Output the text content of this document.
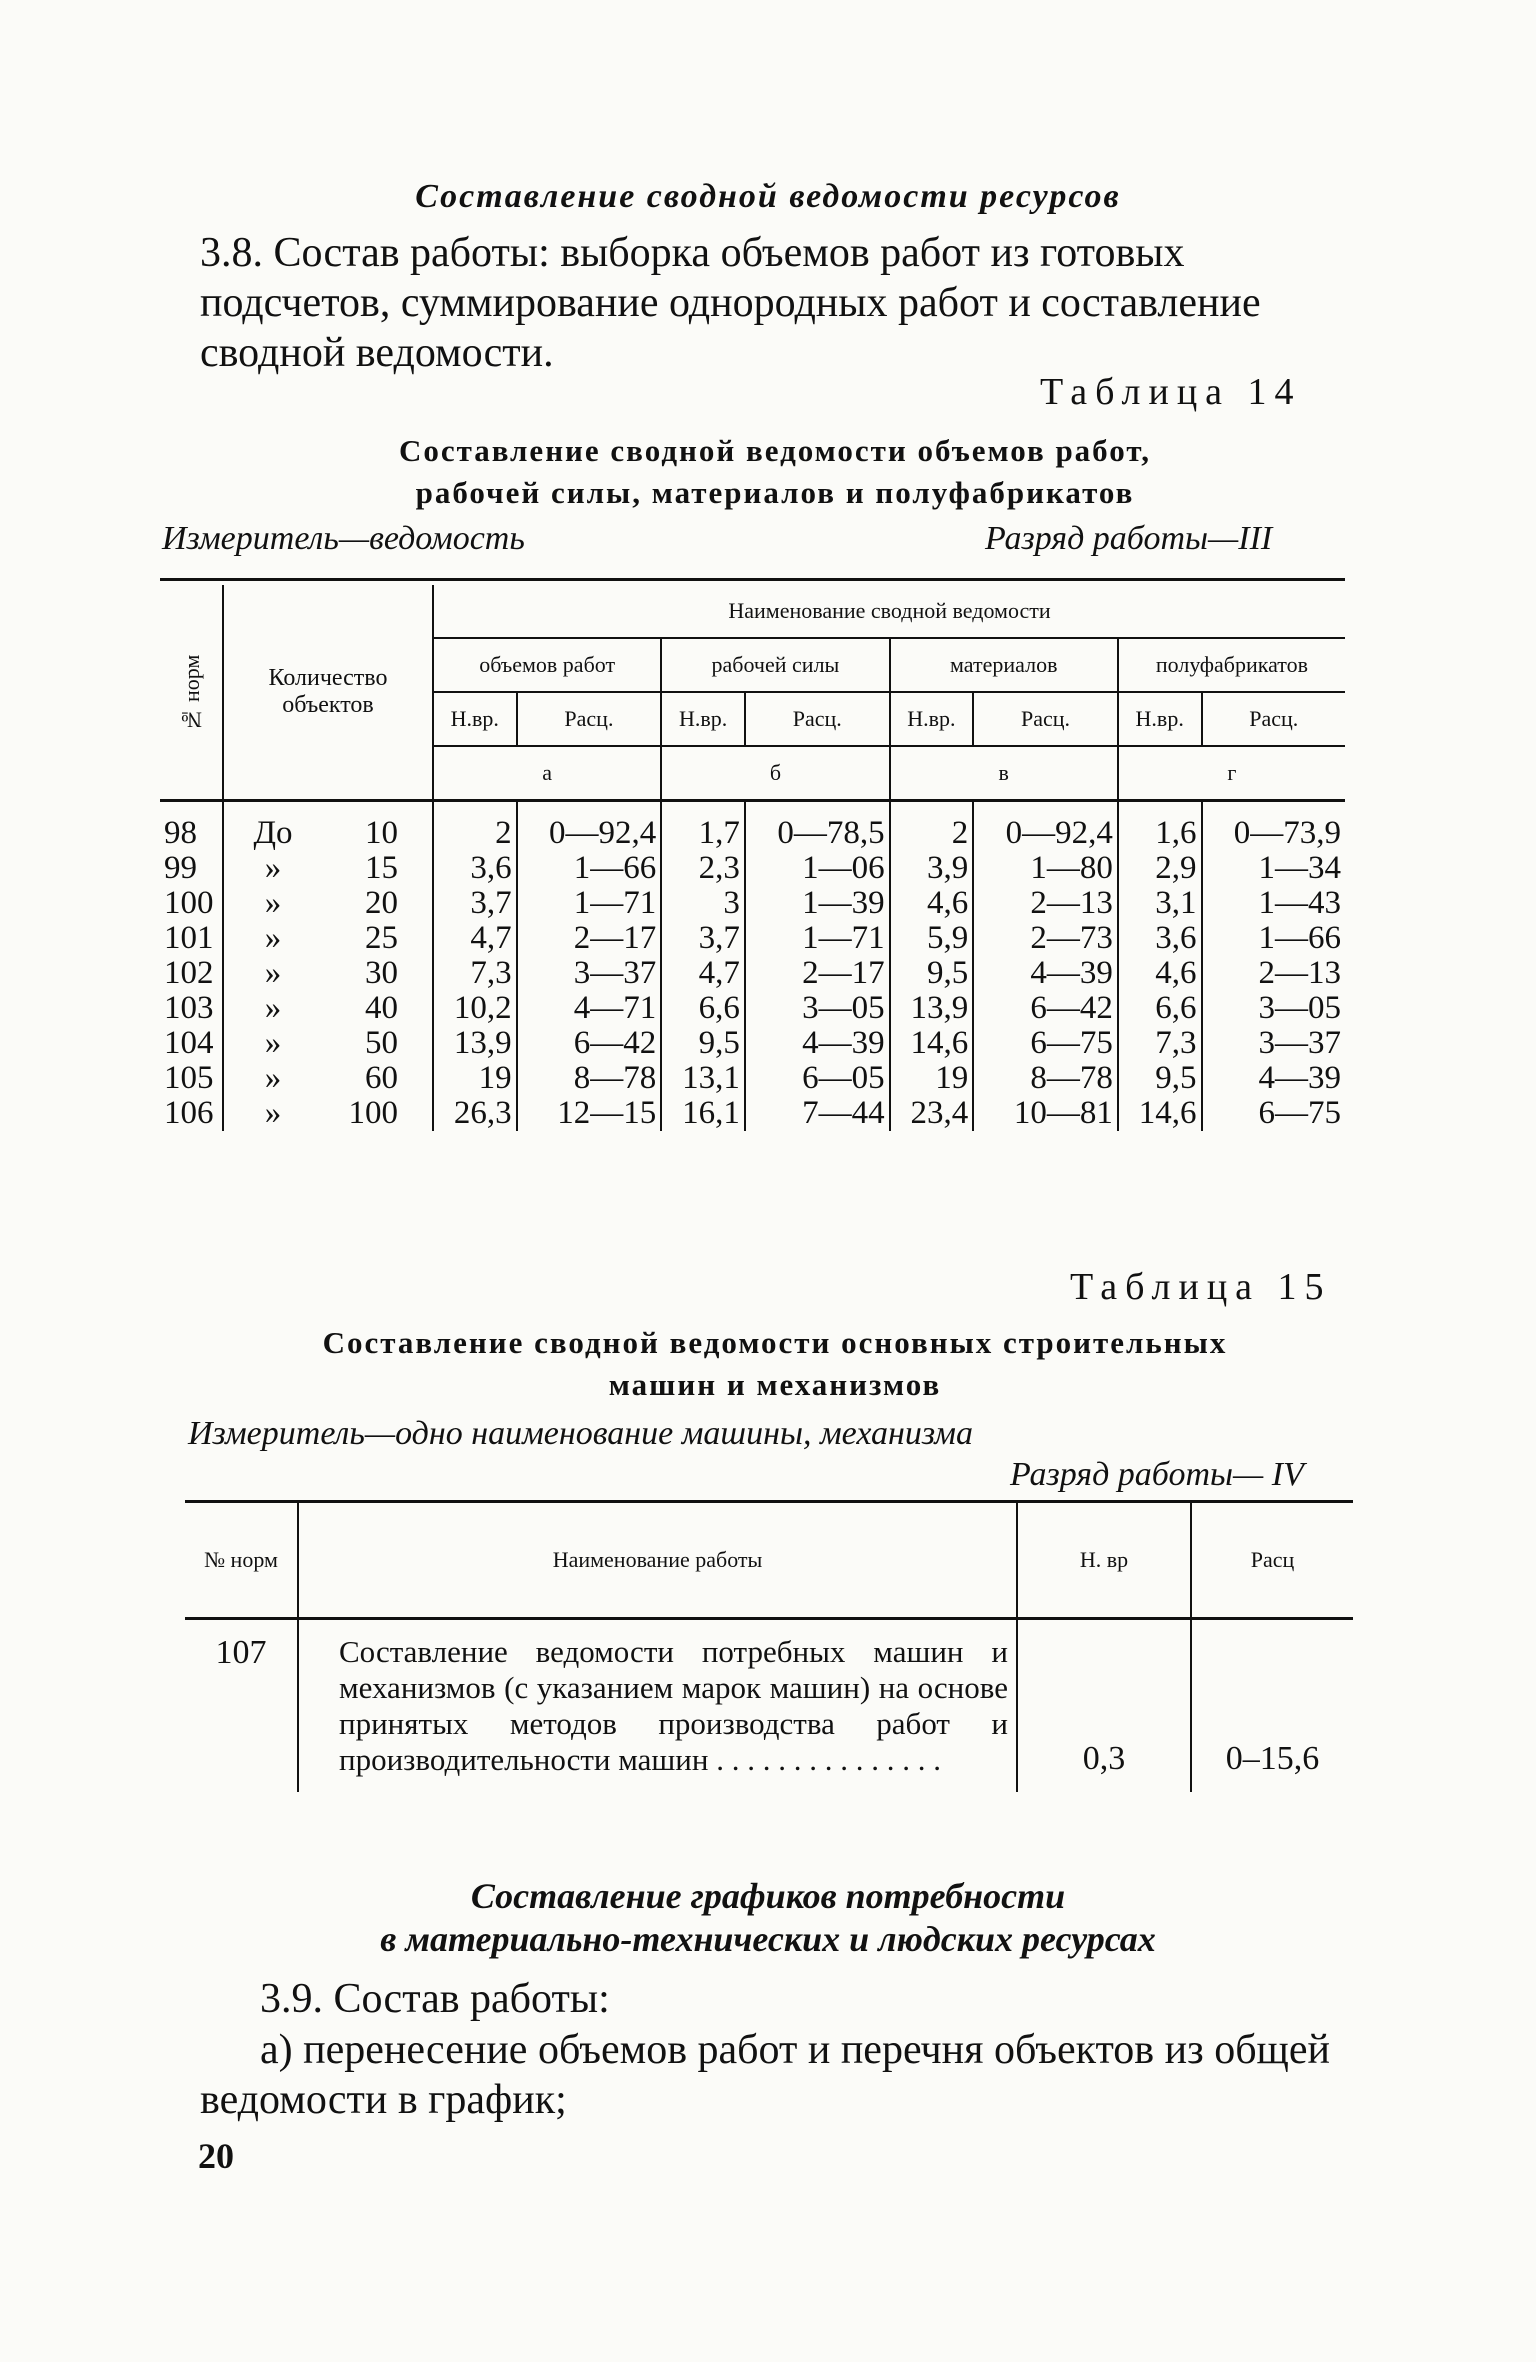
Составление сводной ведомости ресурсов
3.8. Состав работы: выборка объемов работ из готовых подсчетов, суммирование однородных работ и составление сводной ведомости.
Таблица 14
Составление сводной ведомости объемов работ,
рабочей силы, материалов и полуфабрикатов
Измеритель—ведомость	Разряд работы—III
№ норм	Количество объектов	Наименование сводной ведомости							
		объемов работ		рабочей силы		материалов		полуфабрикатов	
		Н.вр.	Расц.	Н.вр.	Расц.	Н.вр.	Расц.	Н.вр.	Расц.
		а		б		в		г	
98	До 10	2	0—92,4	1,7	0—78,5	2	0—92,4	1,6	0—73,9
99	» 15	3,6	1—66	2,3	1—06	3,9	1—80	2,9	1—34
100	» 20	3,7	1—71	3	1—39	4,6	2—13	3,1	1—43
101	» 25	4,7	2—17	3,7	1—71	5,9	2—73	3,6	1—66
102	» 30	7,3	3—37	4,7	2—17	9,5	4—39	4,6	2—13
103	» 40	10,2	4—71	6,6	3—05	13,9	6—42	6,6	3—05
104	» 50	13,9	6—42	9,5	4—39	14,6	6—75	7,3	3—37
105	» 60	19	8—78	13,1	6—05	19	8—78	9,5	4—39
106	» 100	26,3	12—15	16,1	7—44	23,4	10—81	14,6	6—75
Таблица 15
Составление сводной ведомости основных строительных
машин и механизмов
Измеритель—одно наименование машины, механизма
Разряд работы— IV
№ норм	Наименование работы	Н. вр	Расц
107	Составление ведомости потребных машин и механизмов (с указанием марок машин) на основе принятых методов производства работ и производительности машин . . . . . . . . . . . . . . .	0,3	0–15,6
Составление графиков потребности
в материально-технических и людских ресурсах
3.9. Состав работы:
а) перенесение объемов работ и перечня объектов из общей ведомости в график;
20
